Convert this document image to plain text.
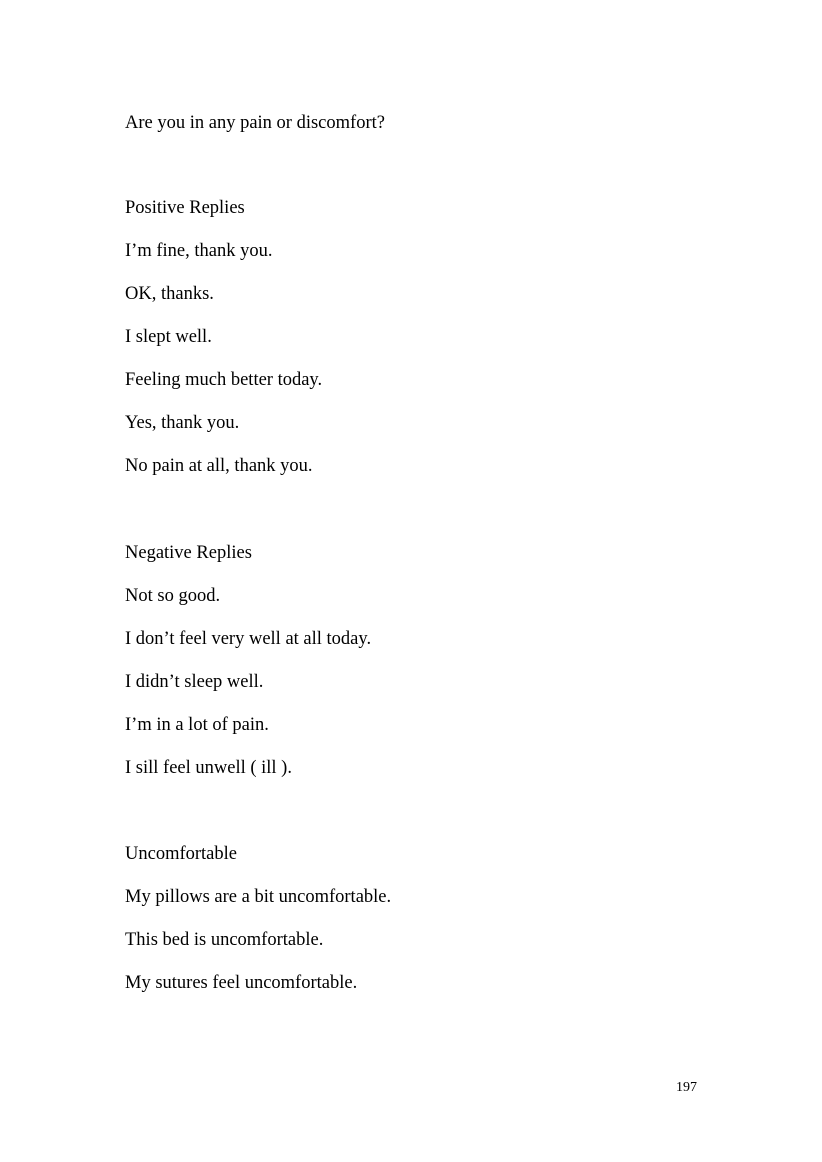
Are you in any pain or discomfort?
Positive Replies
I’m fine, thank you.
OK, thanks.
I slept well.
Feeling much better today.
Yes, thank you.
No pain at all, thank you.
Negative Replies
Not so good.
I don’t feel very well at all today.
I didn’t sleep well.
I’m in a lot of pain.
I sill feel unwell ( ill ).
Uncomfortable
My pillows are a bit uncomfortable.
This bed is uncomfortable.
My sutures feel uncomfortable.
197
